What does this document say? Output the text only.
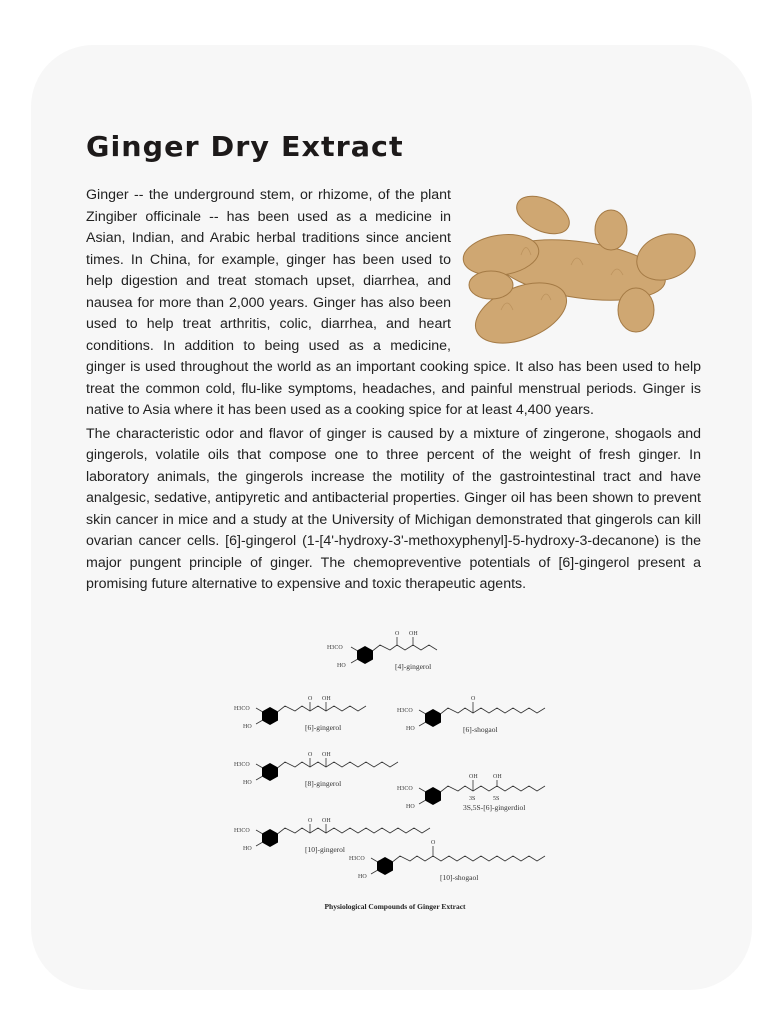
Ginger Dry Extract

Ginger -- the underground stem, or rhizome, of the plant Zingiber officinale -- has been used as a medicine in Asian, Indian, and Arabic herbal traditions since ancient times. In China, for example, ginger has been used to help digestion and treat stomach upset, diarrhea, and nausea for more than 2,000 years. Ginger has also been used to help treat arthritis, colic, diarrhea, and heart conditions. In addition to being used as a medicine, ginger is used throughout the world as an important cooking spice. It also has been used to help treat the common cold, flu-like symptoms, headaches, and painful menstrual periods. Ginger is native to Asia where it has been used as a cooking spice for at least 4,400 years.

The characteristic odor and flavor of ginger is caused by a mixture of zingerone, shogaols and gingerols, volatile oils that compose one to three percent of the weight of fresh ginger. In laboratory animals, the gingerols increase the motility of the gastrointestinal tract and have analgesic, sedative, antipyretic and antibacterial properties. Ginger oil has been shown to prevent skin cancer in mice and a study at the University of Michigan demonstrated that gingerols can kill ovarian cancer cells. [6]-gingerol (1-[4'-hydroxy-3'-methoxyphenyl]-5-hydroxy-3-decanone) is the major pungent principle of ginger. The chemopreventive potentials of [6]-gingerol present a promising future alternative to expensive and toxic therapeutic agents.

H3CO
HO
O OH
[4]-gingerol
H3CO
HO
O OH
[6]-gingerol
H3CO
HO
O
[6]-shogaol
H3CO
HO
O OH
[8]-gingerol
H3CO
HO
OH	OH
3S	5S
3S,5S-[6]-gingerdiol
H3CO
HO
O OH
[10]-gingerol
H3CO
HO
O
[10]-shogaol
Physiological Compounds of Ginger Extract
